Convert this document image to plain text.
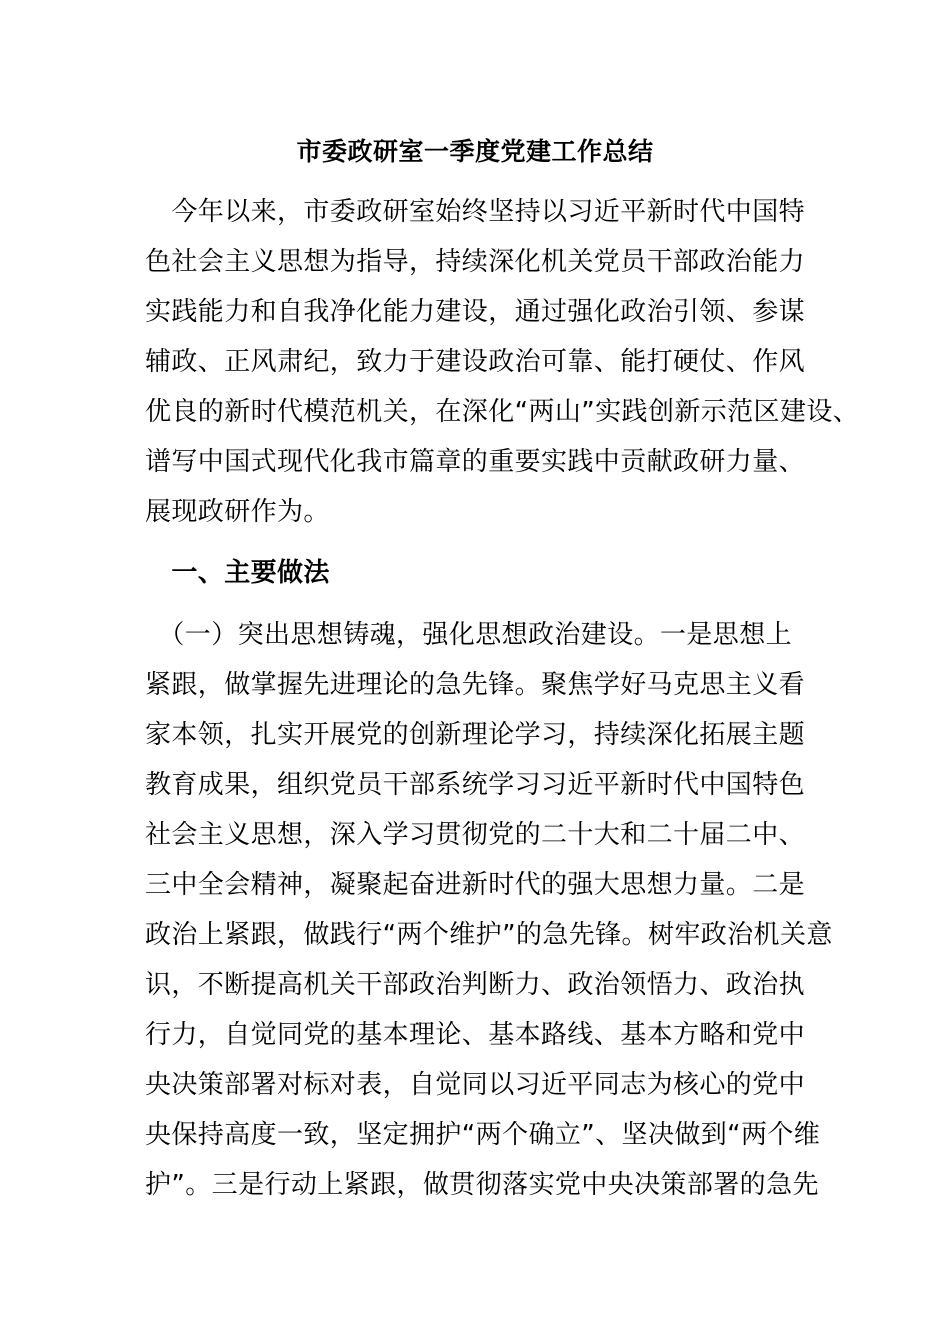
市委政研室一季度党建工作总结
　今年以来，市委政研室始终坚持以习近平新时代中国特
色社会主义思想为指导，持续深化机关党员干部政治能力
实践能力和自我净化能力建设，通过强化政治引领、参谋
辅政、正风肃纪，致力于建设政治可靠、能打硬仗、作风
优良的新时代模范机关，在深化“两山”实践创新示范区建设、
谱写中国式现代化我市篇章的重要实践中贡献政研力量、
展现政研作为。
　一、主要做法
　（一）突出思想铸魂，强化思想政治建设。一是思想上
紧跟，做掌握先进理论的急先锋。聚焦学好马克思主义看
家本领，扎实开展党的创新理论学习，持续深化拓展主题
教育成果，组织党员干部系统学习习近平新时代中国特色
社会主义思想，深入学习贯彻党的二十大和二十届二中、
三中全会精神，凝聚起奋进新时代的强大思想力量。二是
政治上紧跟，做践行“两个维护”的急先锋。树牢政治机关意
识，不断提高机关干部政治判断力、政治领悟力、政治执
行力，自觉同党的基本理论、基本路线、基本方略和党中
央决策部署对标对表，自觉同以习近平同志为核心的党中
央保持高度一致，坚定拥护“两个确立”、坚决做到“两个维
护”。三是行动上紧跟，做贯彻落实党中央决策部署的急先
